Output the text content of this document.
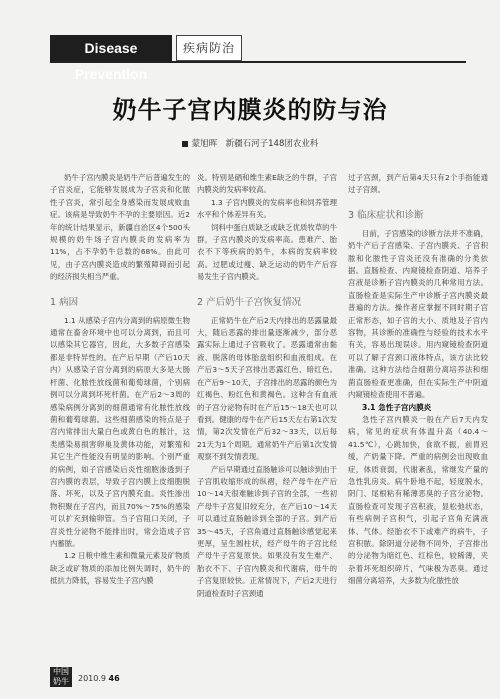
Disease Prevention
疾病防治
奶牛子宫内膜炎的防与治
蒙旭晖　新疆石河子148团农业科

奶牛子宫内膜炎是奶牛产后普遍发生的子宫炎症，它能够发展成为子宫炎和化脓性子宫炎，常引起全身感染而发展成败血症。该病是导致奶牛不孕的主要原因。近2年的统计结果显示，新疆自治区4个500头规模的奶牛场子宫内膜炎的发病率为11%，占不孕奶牛总数的68%。由此可见，由子宫内膜炎造成的繁殖障碍而引起的经济损失相当严重。

1 病因

1.1 从感染子宫内分离到的病原微生物通常在畜舍环境中也可以分离到，而且可以感染其它器官，因此，大多数子宫感染都是非特异性的。在产后早期（产后10天内）从感染子宫分离到的病原大多是大肠杆菌、化脓性放线菌和葡萄球菌，个别病例可以分离到坏死杆菌。在产后2～3周的感染病例分离到的细菌通常有化脓性放线菌和葡萄球菌。这些细菌感染的特点是子宫内常排出大量白色或黄白色的脓汁，这类感染易损害卵巢及黄体功能，对繁殖和其它生产性能没有明显的影响。个别严重的病例，如子宫感染后炎性细胞渗透到子宫内膜的表层，导致子宫内膜上皮细胞脱落、坏死，以及子宫内膜充血。炎性渗出物积聚在子宫内，而且70%～75%的感染可以扩充到输卵管。当子宫阻口关闭，子宫炎性分泌物不能排出时，常会造成子宫内蓄脓。

1.2 日粮中维生素和微量元素及矿物质缺乏或矿物质的添加比例失调时，奶牛的抵抗力降低，容易发生子宫内膜

炎。特别是硒和维生素E缺乏的牛群，子宫内膜炎的发病率较高。

1.3 子宫内膜炎的发病率也和饲养管理水平和个体差异有关。

饲料中蛋白质缺乏或缺乏优质牧草的牛群，子宫内膜炎的发病率高。患难产、胎衣不下等疾病的奶牛，本病的发病率较高。过肥或过瘦、缺乏运动的奶牛产后容易发生子宫内膜炎。

2 产后奶牛子宫恢复情况

正常奶牛在产后2天内排出的恶露量最大，随后恶露的排出量逐渐减少，部分恶露实际上通过子宫吸收了。恶露通常由黏液、脱落的母体胎盘组织和血液组成。在产后3～5天子宫排出恶露红色、暗红色。在产后9～10天，子宫排出的恶露的颜色为红褐色、粉红色和黄褐色。这种含有血液的子宫分泌物有时在产后15～18天也可以看到。健康的母牛在产后15天左右第1次发情，第2次发情在产后32～33天，以后每21天为1个周期。通常奶牛产后第1次发情观察不到发情表现。

产后早期通过直肠触诊可以触诊到由于子宫肌收缩形成的纵褶，经产母牛在产后10～14天很难触诊到子宫的全部，一些初产母牛子宫复旧较充分，在产后10～14天可以通过直肠触诊到全部的子宫。到产后35～45天，子宫角通过直肠触诊感觉起来更厚，呈生圆柱状，经产母牛的子宫比经产母牛子宫复原快。如果没有发生难产、胎衣不下、子宫内膜炎和代谢病，母牛的子宫复原较快。正常情况下，产后2天进行阴道检查时子宫颈通

过子宫颈，到产后第4天只有2个手指能通过子宫颈。

3 临床症状和诊断

目前，子宫感染的诊断方法并不准确，奶牛产后子宫感染、子宫内膜炎、子宫积脓和化脓性子宫炎还没有准确的分类依据。直肠检查、内窥镜检查阴道、培养子宫液是诊断子宫内膜炎的几种常用方法。直肠检查是实际生产中诊断子宫内膜炎最普遍的方法。操作者应掌握不同时期子宫正常形态，如子宫的大小、质地及子宫内容物，其诊断的准确性与经验的技术水平有关，容易出现误诊。用内窥镜检查阴道可以了解子宫颈口液体特点，该方法比较准确。这种方法结合细菌分离培养法和细菌直肠检查更准确，但在实际生产中阴道内窥镜检查使用不普遍。

3.1 急性子宫内膜炎

急性子宫内膜炎一般在产后7天内发病，常见的症状有体温升高（40.4～41.5℃），心跳加快，食欲不振，前胃迟缓，产奶量下降。严重的病例会出现败血症，体质衰弱，代谢紊乱，常继发产量的急性乳房炎。病牛卧地不起，轻度脱水，阴门、尾根粘有稀薄恶臭的子宫分泌物。直肠检查可发现子宫积液，显松弛状态，有些病例子宫积气，引起子宫角充满液体、气体。经胎衣不下或难产的病牛，子宫积脓。除阴道分泌物不同外，子宫排出的分泌物为暗红色、红棕色，较稀薄，夹杂着坏死组织碎片，气味极为恶臭。通过细菌分离培养，大多数为化脓性放

中国奶牛	2010.9 46
